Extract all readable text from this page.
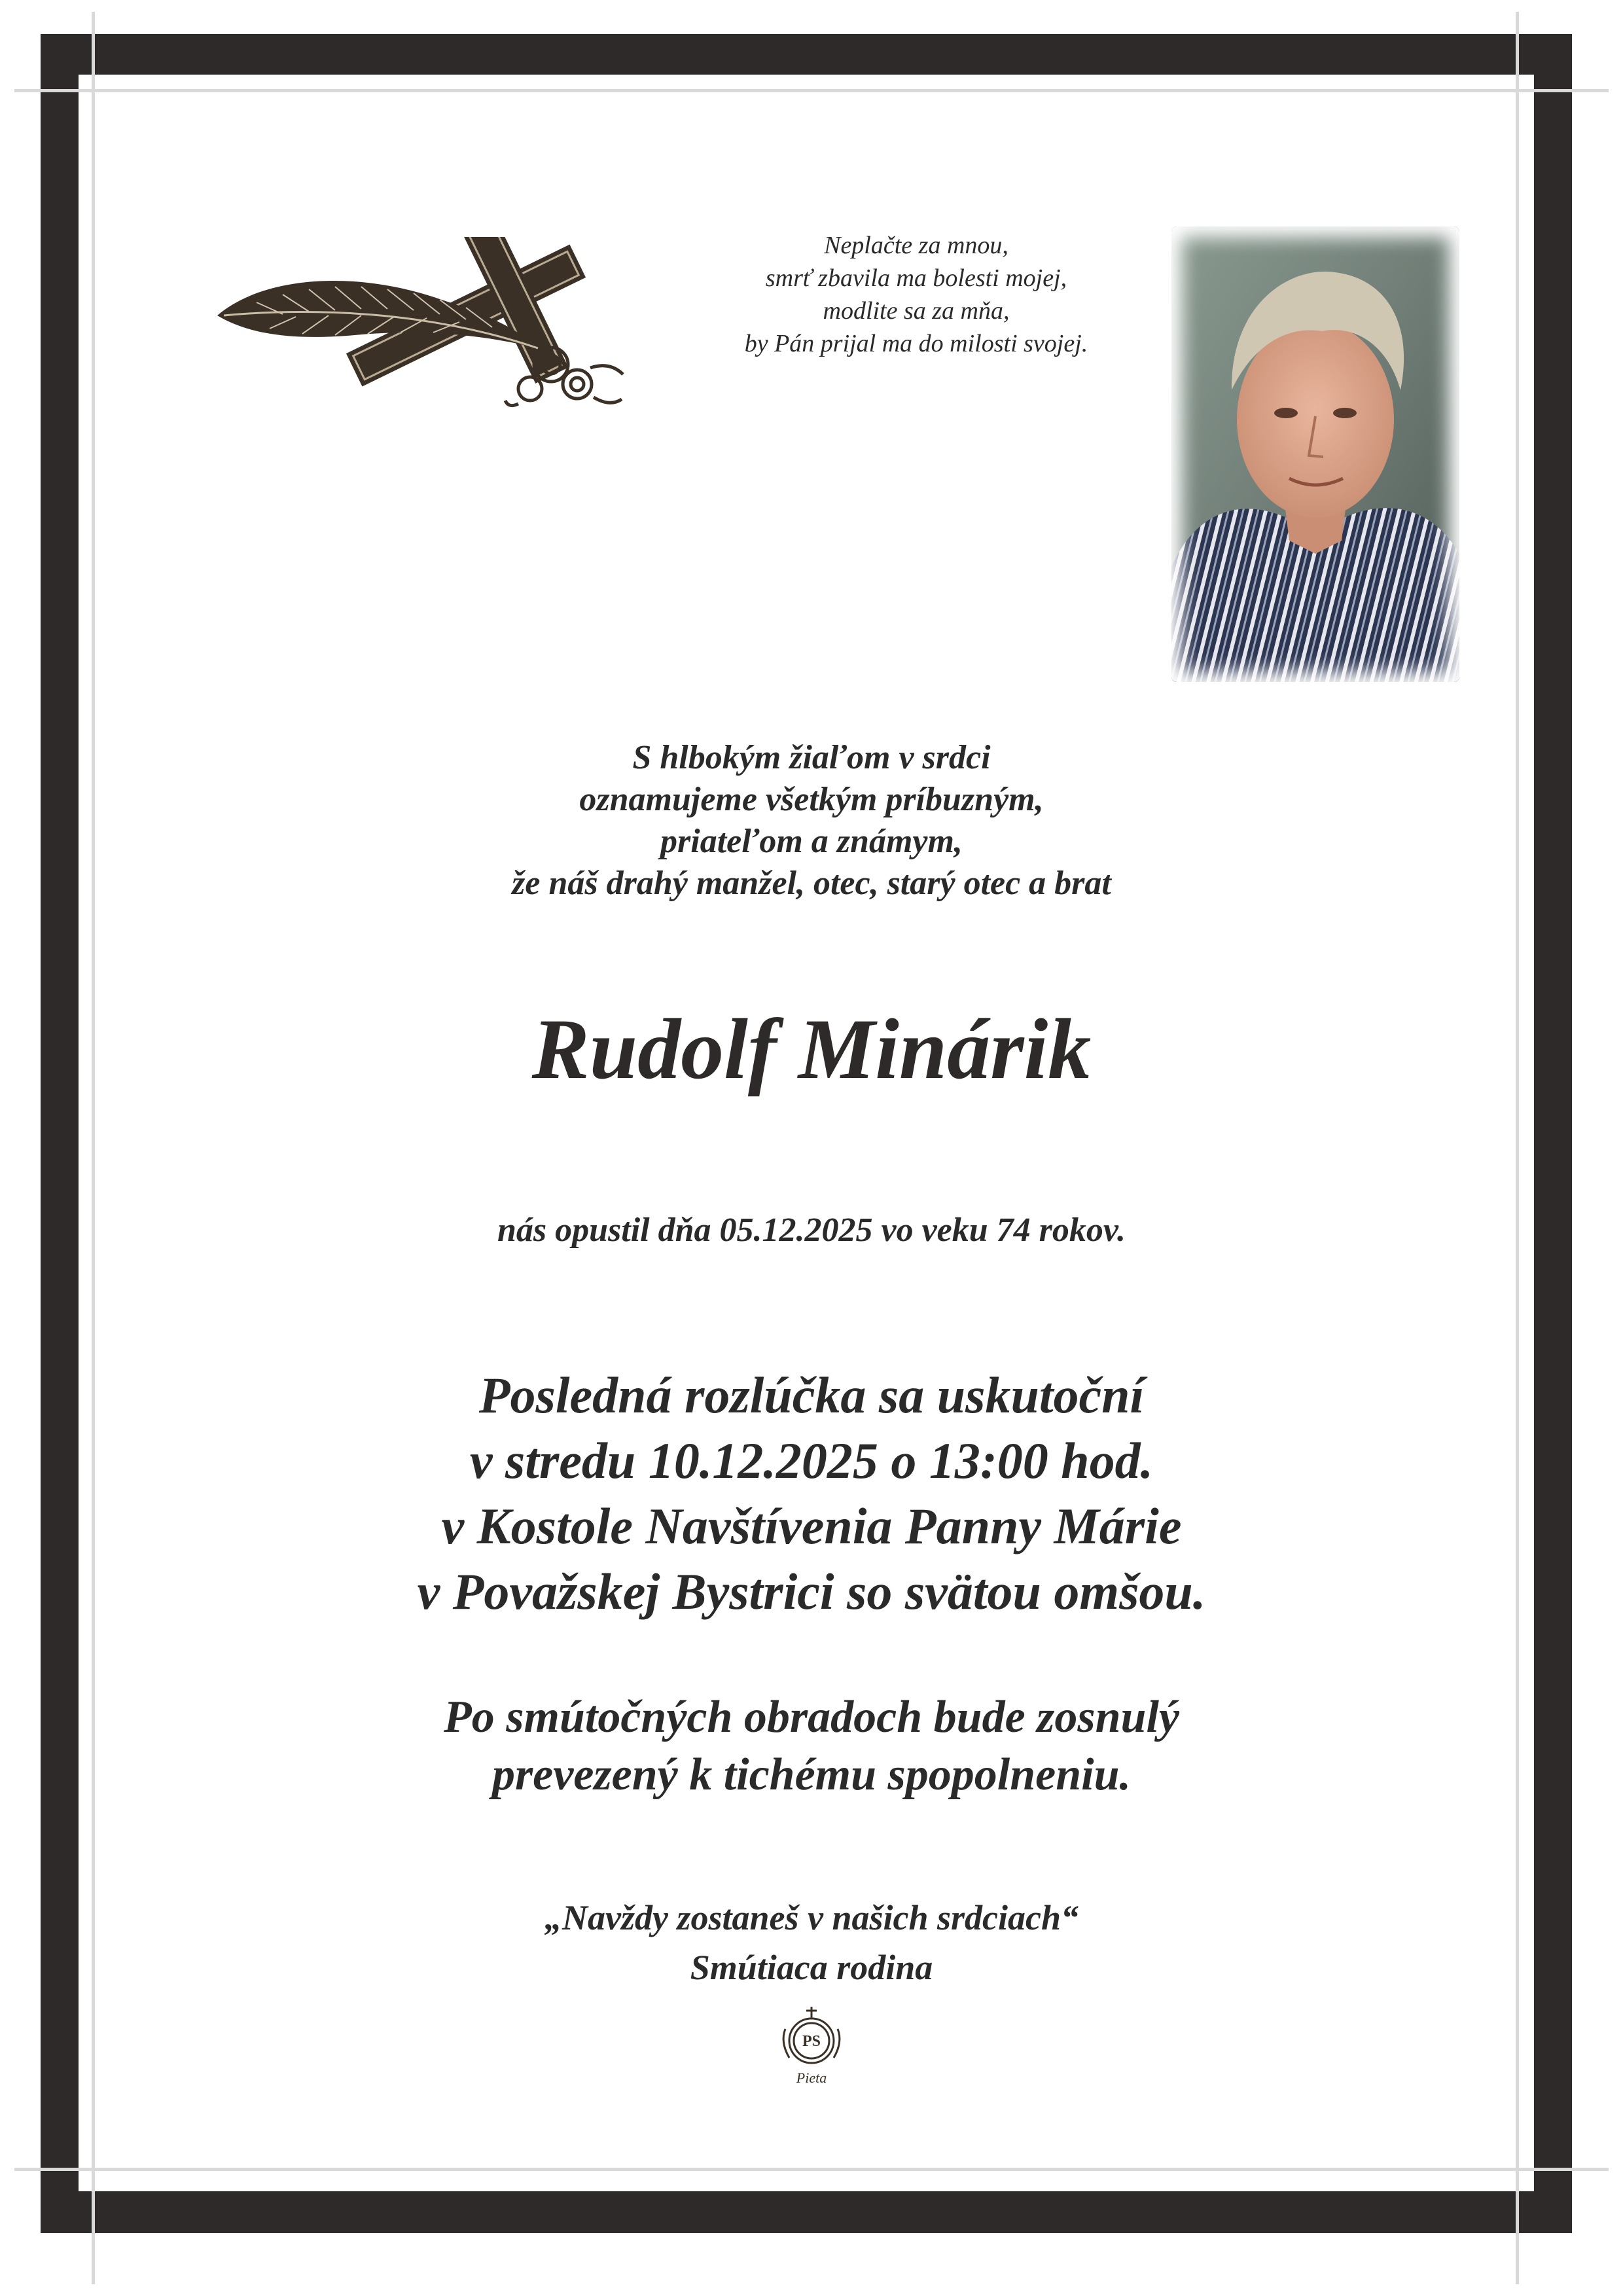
Neplačte za mnou,
smrť zbavila ma bolesti mojej,
modlite sa za mňa,
by Pán prijal ma do milosti svojej.
S hlbokým žiaľom v srdci
oznamujeme všetkým príbuzným,
priateľom a známym,
že náš drahý manžel, otec, starý otec a brat
Rudolf Minárik
nás opustil dňa 05.12.2025 vo veku 74 rokov.
Posledná rozlúčka sa uskutoční
v stredu 10.12.2025 o 13:00 hod.
v Kostole Navštívenia Panny Márie
v Považskej Bystrici so svätou omšou.
Po smútočných obradoch bude zosnulý
prevezený k tichému spopolneniu.
„Navždy zostaneš v našich srdciach“
Smútiaca rodina
PS
Pieta
